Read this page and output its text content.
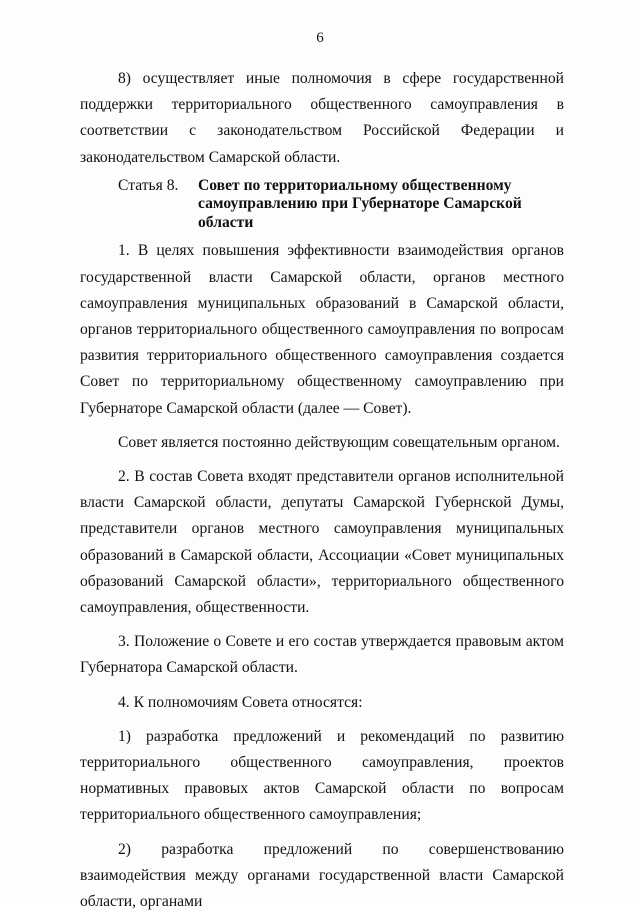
6

8) осуществляет иные полномочия в сфере государственной поддержки территориального общественного самоуправления в соответствии с законодательством Российской Федерации и законодательством Самарской области.

Статья 8.	Совет по территориальному общественному самоуправлению при Губернаторе Самарской области

1. В целях повышения эффективности взаимодействия органов государственной власти Самарской области, органов местного самоуправления муниципальных образований в Самарской области, органов территориального общественного самоуправления по вопросам развития территориального общественного самоуправления создается Совет по территориальному общественному самоуправлению при Губернаторе Самарской области (далее — Совет).

Совет является постоянно действующим совещательным органом.

2. В состав Совета входят представители органов исполнительной власти Самарской области, депутаты Самарской Губернской Думы, представители органов местного самоуправления муниципальных образований в Самарской области, Ассоциации «Совет муниципальных образований Самарской области», территориального общественного самоуправления, общественности.

3. Положение о Совете и его состав утверждается правовым актом Губернатора Самарской области.

4. К полномочиям Совета относятся:

1) разработка предложений и рекомендаций по развитию территориального общественного самоуправления, проектов нормативных правовых актов Самарской области по вопросам территориального общественного самоуправления;

2) разработка предложений по совершенствованию взаимодействия между органами государственной власти Самарской области, органами
